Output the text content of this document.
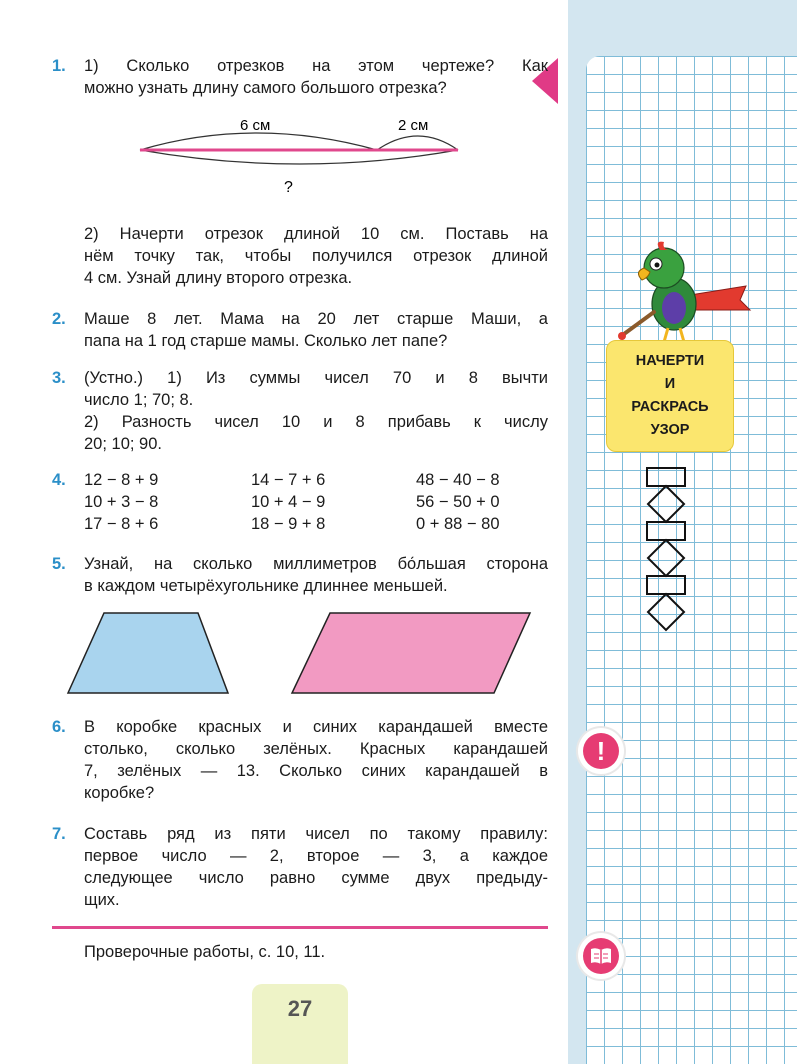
1. 1) Сколько отрезков на этом чертеже? Как
можно узнать длину самого большого отрезка?
6 см	2 см
?
2) Начерти отрезок длиной 10 см. Поставь на
нём точку так, чтобы получился отрезок длиной
4 см. Узнай длину второго отрезка.
2. Маше 8 лет. Мама на 20 лет старше Маши, а
папа на 1 год старше мамы. Сколько лет папе?
3. (Устно.) 1) Из суммы чисел 70 и 8 вычти
число 1; 70; 8.
2) Разность чисел 10 и 8 прибавь к числу
20; 10; 90.
4. 12 − 8 + 9
10 + 3 − 8
17 − 8 + 6
14 − 7 + 6
10 + 4 − 9
18 − 9 + 8
48 − 40 − 8
56 − 50 + 0
0 + 88 − 80
5. Узнай, на сколько миллиметров бо́льшая сторона
в каждом четырёхугольнике длиннее меньшей.
6. В коробке красных и синих карандашей вместе
столько, сколько зелёных. Красных карандашей
7, зелёных — 13. Сколько синих карандашей в
коробке?
7. Составь ряд из пяти чисел по такому правилу:
первое число — 2, второе — 3, а каждое
следующее число равно сумме двух предыду-
щих.
Проверочные работы, с. 10, 11.
27
НАЧЕРТИ
И
РАСКРАСЬ
УЗОР
!
